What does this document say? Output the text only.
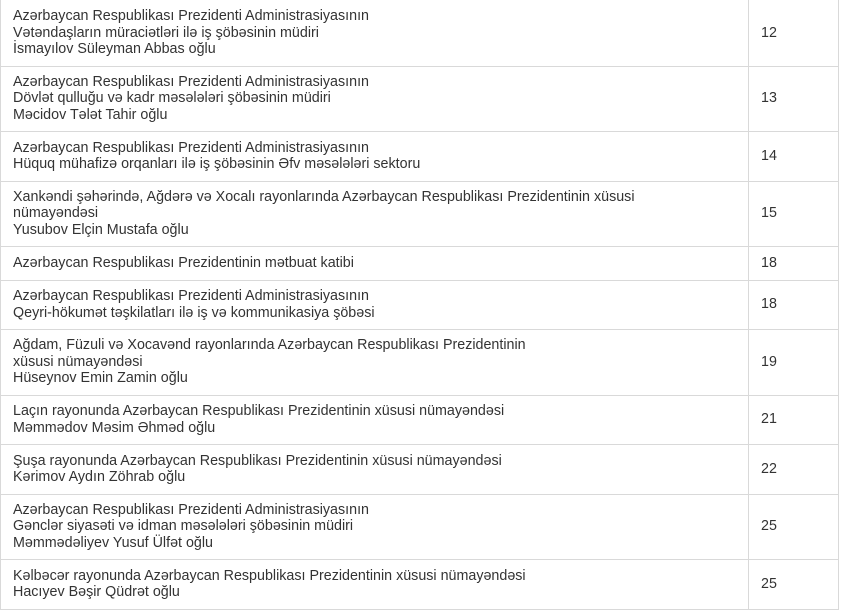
Azərbaycan Respublikası Prezidenti Administrasiyasının
Vətəndaşların müraciətləri ilə iş şöbəsinin müdiri
İsmayılov Süleyman Abbas oğlu	12

Azərbaycan Respublikası Prezidenti Administrasiyasının
Dövlət qulluğu və kadr məsələləri şöbəsinin müdiri
Məcidov Tələt Tahir oğlu	13

Azərbaycan Respublikası Prezidenti Administrasiyasının
Hüquq mühafizə orqanları ilə iş şöbəsinin Əfv məsələləri sektoru	14

Xankəndi şəhərində, Ağdərə və Xocalı rayonlarında Azərbaycan Respublikası Prezidentinin xüsusi
nümayəndəsi
Yusubov Elçin Mustafa oğlu	15

Azərbaycan Respublikası Prezidentinin mətbuat katibi	18

Azərbaycan Respublikası Prezidenti Administrasiyasının
Qeyri-hökumət təşkilatları ilə iş və kommunikasiya şöbəsi	18

Ağdam, Füzuli və Xocavənd rayonlarında Azərbaycan Respublikası Prezidentinin
xüsusi nümayəndəsi
Hüseynov Emin Zamin oğlu	19

Laçın rayonunda Azərbaycan Respublikası Prezidentinin xüsusi nümayəndəsi
Məmmədov Məsim Əhməd oğlu	21

Şuşa rayonunda Azərbaycan Respublikası Prezidentinin xüsusi nümayəndəsi
Kərimov Aydın Zöhrab oğlu	22

Azərbaycan Respublikası Prezidenti Administrasiyasının
Gənclər siyasəti və idman məsələləri şöbəsinin müdiri
Məmmədəliyev Yusuf Ülfət oğlu	25

Kəlbəcər rayonunda Azərbaycan Respublikası Prezidentinin xüsusi nümayəndəsi
Hacıyev Bəşir Qüdrət oğlu	25
